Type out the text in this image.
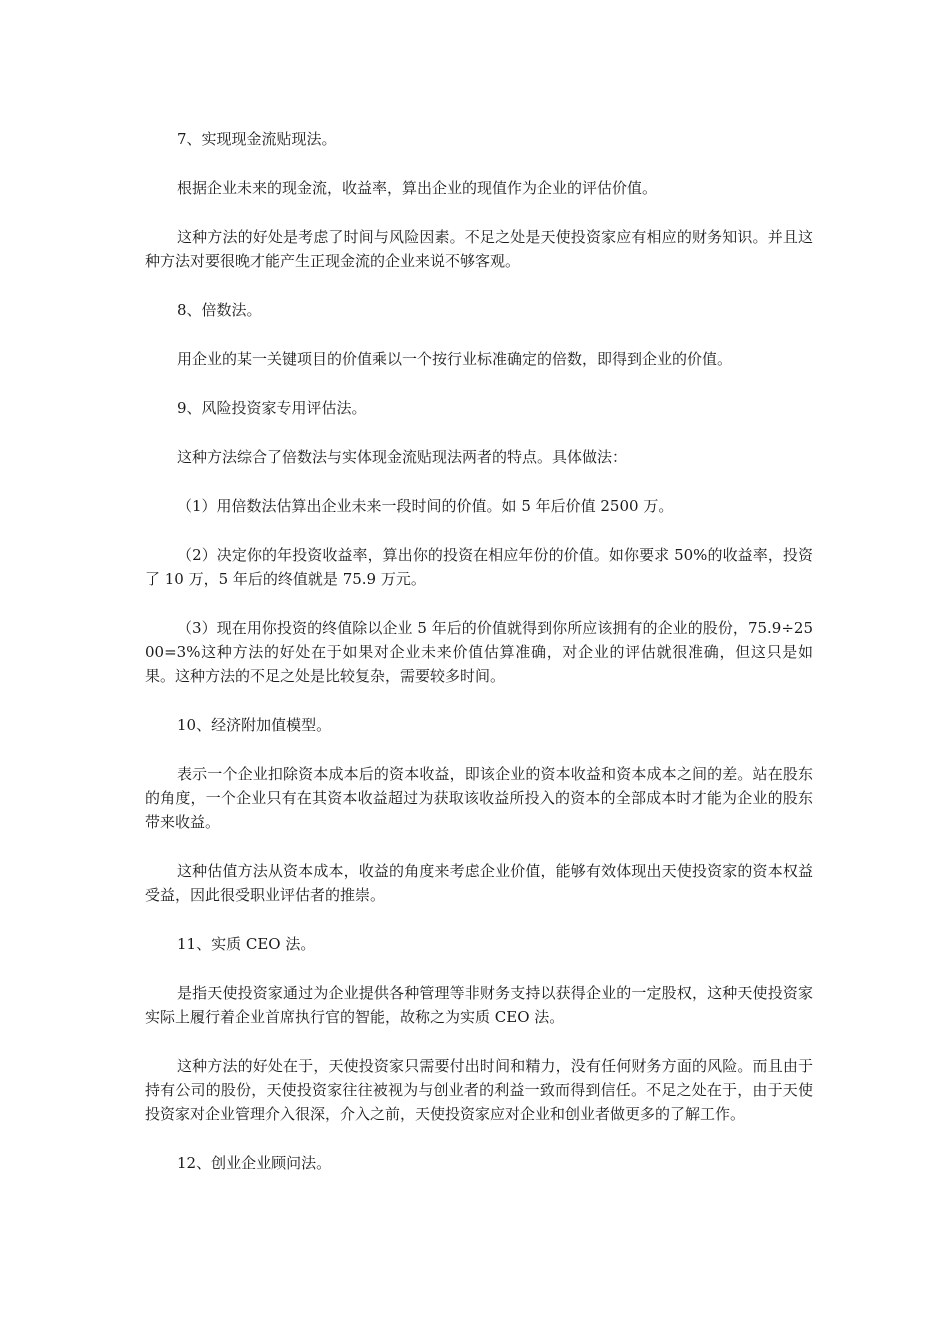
7、实现现金流贴现法。

根据企业未来的现金流，收益率，算出企业的现值作为企业的评估价值。

这种方法的好处是考虑了时间与风险因素。不足之处是天使投资家应有相应的财务知识。并且这种方法对要很晚才能产生正现金流的企业来说不够客观。

8、倍数法。

用企业的某一关键项目的价值乘以一个按行业标准确定的倍数，即得到企业的价值。

9、风险投资家专用评估法。

这种方法综合了倍数法与实体现金流贴现法两者的特点。具体做法：

（1）用倍数法估算出企业未来一段时间的价值。如 5 年后价值 2500 万。

（2）决定你的年投资收益率，算出你的投资在相应年份的价值。如你要求 50%的收益率，投资了 10 万，5 年后的终值就是 75.9 万元。

（3）现在用你投资的终值除以企业 5 年后的价值就得到你所应该拥有的企业的股份，75.9÷2500=3%这种方法的好处在于如果对企业未来价值估算准确，对企业的评估就很准确，但这只是如果。这种方法的不足之处是比较复杂，需要较多时间。

10、经济附加值模型。

表示一个企业扣除资本成本后的资本收益，即该企业的资本收益和资本成本之间的差。站在股东的角度，一个企业只有在其资本收益超过为获取该收益所投入的资本的全部成本时才能为企业的股东带来收益。

这种估值方法从资本成本，收益的角度来考虑企业价值，能够有效体现出天使投资家的资本权益受益，因此很受职业评估者的推崇。

11、实质 CEO 法。

是指天使投资家通过为企业提供各种管理等非财务支持以获得企业的一定股权，这种天使投资家实际上履行着企业首席执行官的智能，故称之为实质 CEO 法。

这种方法的好处在于，天使投资家只需要付出时间和精力，没有任何财务方面的风险。而且由于持有公司的股份，天使投资家往往被视为与创业者的利益一致而得到信任。不足之处在于，由于天使投资家对企业管理介入很深，介入之前，天使投资家应对企业和创业者做更多的了解工作。

12、创业企业顾问法。
